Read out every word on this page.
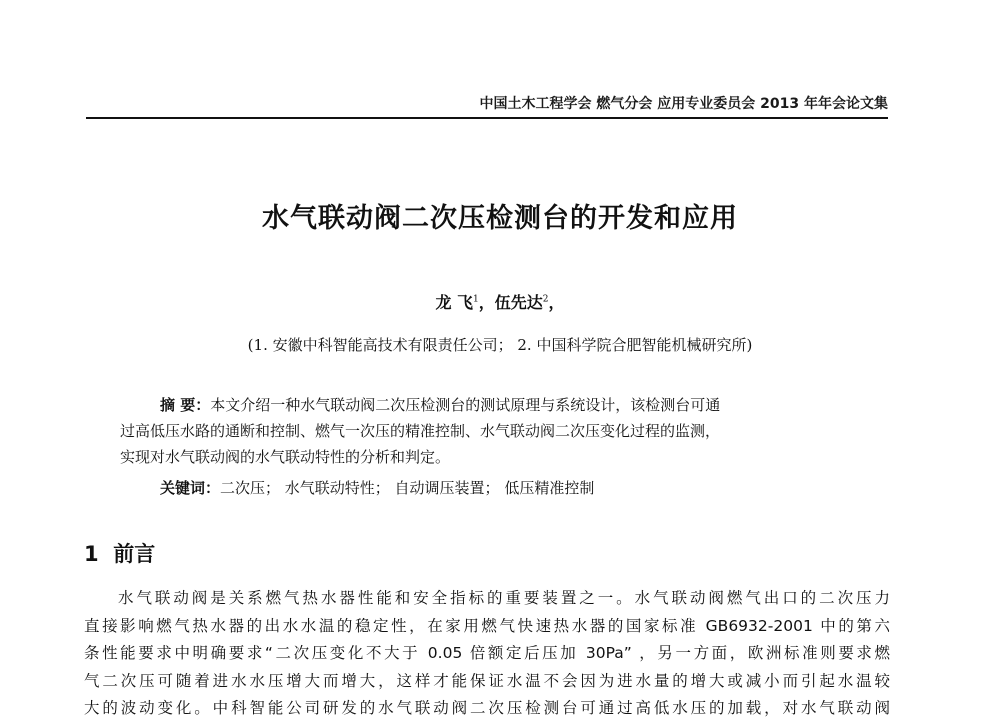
中国土木工程学会 燃气分会 应用专业委员会 2013 年年会论文集
水气联动阀二次压检测台的开发和应用
龙 飞$^1$，伍先达$^2$，
(1. 安徽中科智能高技术有限责任公司； 2. 中国科学院合肥智能机械研究所)

摘 要：本文介绍一种水气联动阀二次压检测台的测试原理与系统设计，该检测台可通

过高低压水路的通断和控制、燃气一次压的精准控制、水气联动阀二次压变化过程的监测，

实现对水气联动阀的水气联动特性的分析和判定。

关键词：二次压； 水气联动特性； 自动调压装置； 低压精准控制
1 前言
水气联动阀是关系燃气热水器性能和安全指标的重要装置之一。水气联动阀燃气出口的二次压力
直接影响燃气热水器的出水水温的稳定性，在家用燃气快速热水器的国家标准 GB6932-2001 中的第六
条性能要求中明确要求“二次压变化不大于 0.05 倍额定后压加 30Pa” ，另一方面，欧洲标准则要求燃
气二次压可随着进水水压增大而增大，这样才能保证水温不会因为进水量的增大或减小而引起水温较
大的波动变化。中科智能公司研发的水气联动阀二次压检测台可通过高低水压的加载，对水气联动阀
